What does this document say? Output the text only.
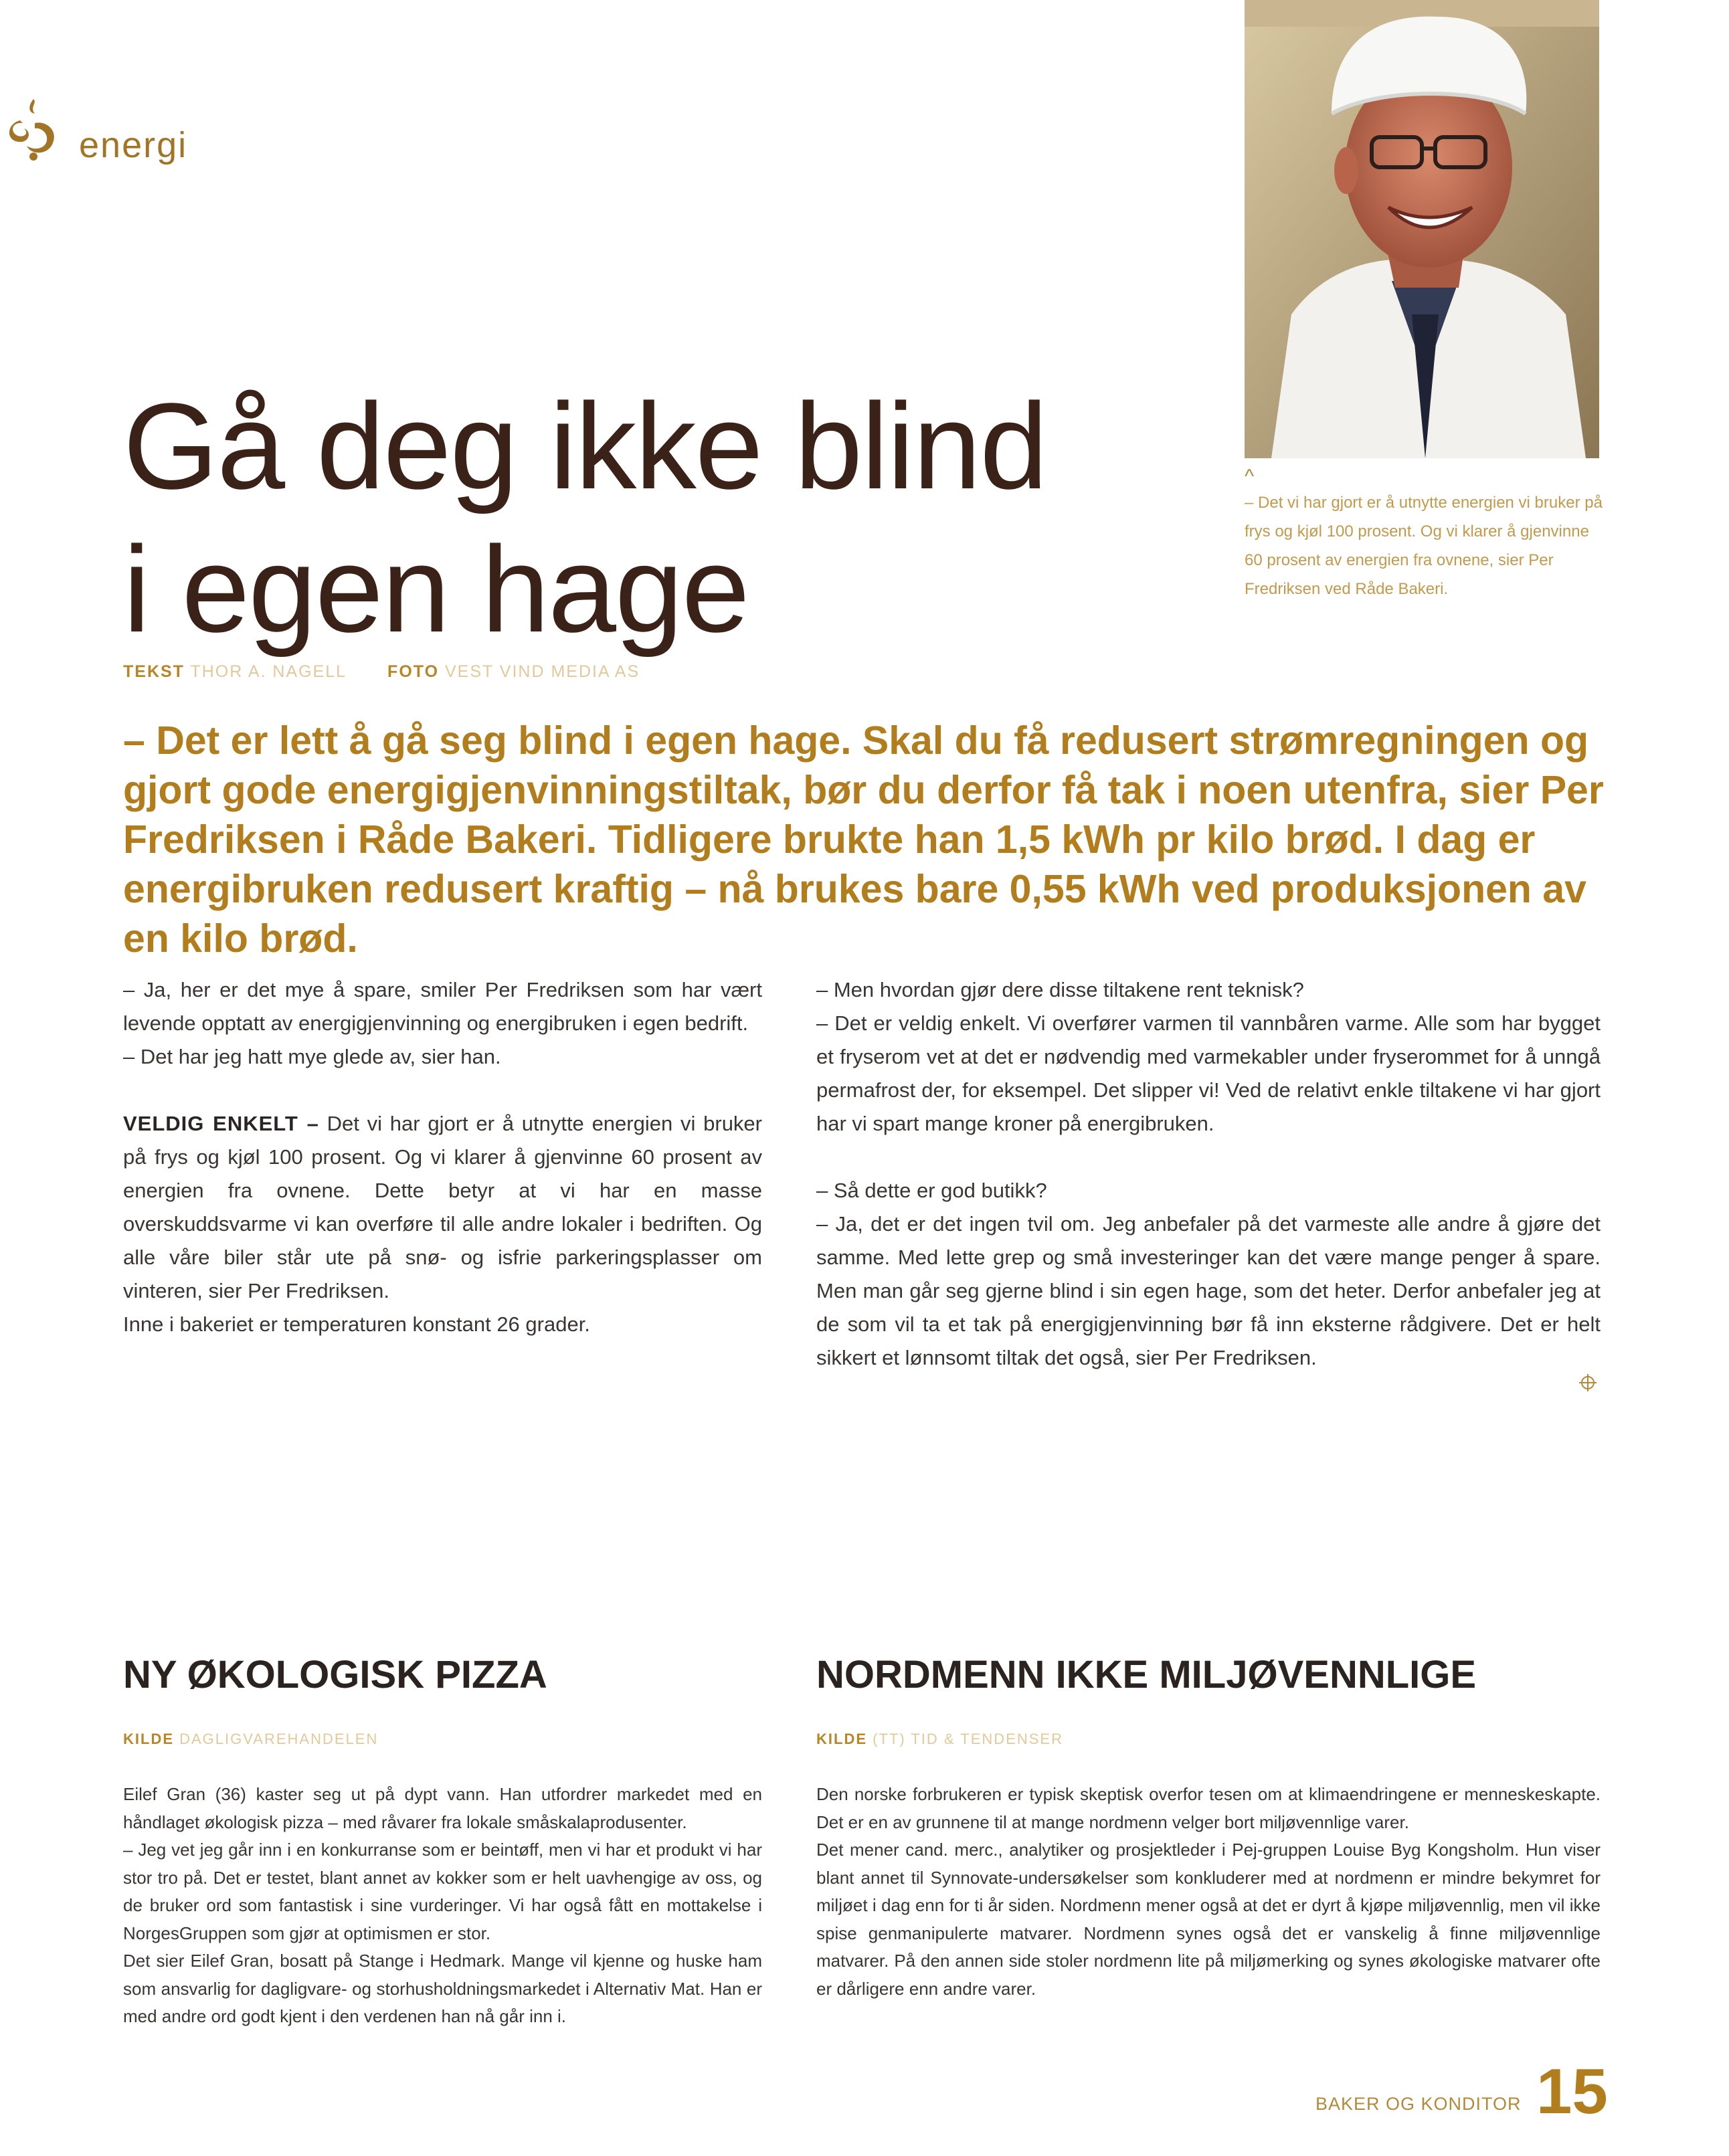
energi
^
– Det vi har gjort er å utnytte energien vi bruker på frys og kjøl 100 prosent. Og vi klarer å gjenvinne 60 prosent av energien fra ovnene, sier Per Fredriksen ved Råde Bakeri.
Gå deg ikke blind
i egen hage
TEKST THOR A. NAGELL FOTO VEST VIND MEDIA AS

– Det er lett å gå seg blind i egen hage. Skal du få redusert strømregningen og gjort gode energigjenvinningstiltak, bør du derfor få tak i noen utenfra, sier Per Fredriksen i Råde Bakeri. Tidligere brukte han 1,5 kWh pr kilo brød. I dag er energibruken redusert kraftig – nå brukes bare 0,55 kWh ved produksjonen av en kilo brød.

– Ja, her er det mye å spare, smiler Per Fredriksen som har vært levende opptatt av energigjenvinning og energibruken i egen bedrift.

– Det har jeg hatt mye glede av, sier han.

VELDIG ENKELT – Det vi har gjort er å utnytte energien vi bruker på frys og kjøl 100 prosent. Og vi klarer å gjenvinne 60 prosent av energien fra ovnene. Dette betyr at vi har en masse overskuddsvarme vi kan overføre til alle andre lokaler i bedriften. Og alle våre biler står ute på snø- og isfrie parkeringsplasser om vinteren, sier Per Fredriksen.

Inne i bakeriet er temperaturen konstant 26 grader.

– Men hvordan gjør dere disse tiltakene rent teknisk?

– Det er veldig enkelt. Vi overfører varmen til vannbåren varme. Alle som har bygget et fryserom vet at det er nødvendig med varmekabler under fryserommet for å unngå permafrost der, for eksempel. Det slipper vi! Ved de relativt enkle tiltakene vi har gjort har vi spart mange kroner på energibruken.

– Så dette er god butikk?

– Ja, det er det ingen tvil om. Jeg anbefaler på det varmeste alle andre å gjøre det samme. Med lette grep og små investeringer kan det være mange penger å spare. Men man går seg gjerne blind i sin egen hage, som det heter. Derfor anbefaler jeg at de som vil ta et tak på energigjenvinning bør få inn eksterne rådgivere. Det er helt sikkert et lønnsomt tiltak det også, sier Per Fredriksen.

NY ØKOLOGISK PIZZA
KILDE DAGLIGVAREHANDELEN

Eilef Gran (36) kaster seg ut på dypt vann. Han utfordrer markedet med en håndlaget økologisk pizza – med råvarer fra lokale småskalaprodusenter.

– Jeg vet jeg går inn i en konkurranse som er beintøff, men vi har et produkt vi har stor tro på. Det er testet, blant annet av kokker som er helt uavhengige av oss, og de bruker ord som fantastisk i sine vurderinger. Vi har også fått en mottakelse i NorgesGruppen som gjør at optimismen er stor.

Det sier Eilef Gran, bosatt på Stange i Hedmark. Mange vil kjenne og huske ham som ansvarlig for dagligvare- og storhusholdningsmarkedet i Alternativ Mat. Han er med andre ord godt kjent i den verdenen han nå går inn i.

NORDMENN IKKE MILJØVENNLIGE
KILDE (TT) TID & TENDENSER

Den norske forbrukeren er typisk skeptisk overfor tesen om at klimaendringene er menneskeskapte. Det er en av grunnene til at mange nordmenn velger bort miljøvennlige varer.

Det mener cand. merc., analytiker og prosjektleder i Pej-gruppen Louise Byg Kongsholm. Hun viser blant annet til Synnovate-undersøkelser som konkluderer med at nordmenn er mindre bekymret for miljøet i dag enn for ti år siden. Nordmenn mener også at det er dyrt å kjøpe miljøvennlig, men vil ikke spise genmanipulerte matvarer. Nordmenn synes også det er vanskelig å finne miljøvennlige matvarer. På den annen side stoler nordmenn lite på miljømerking og synes økologiske matvarer ofte er dårligere enn andre varer.

BAKER OG KONDITOR 15
